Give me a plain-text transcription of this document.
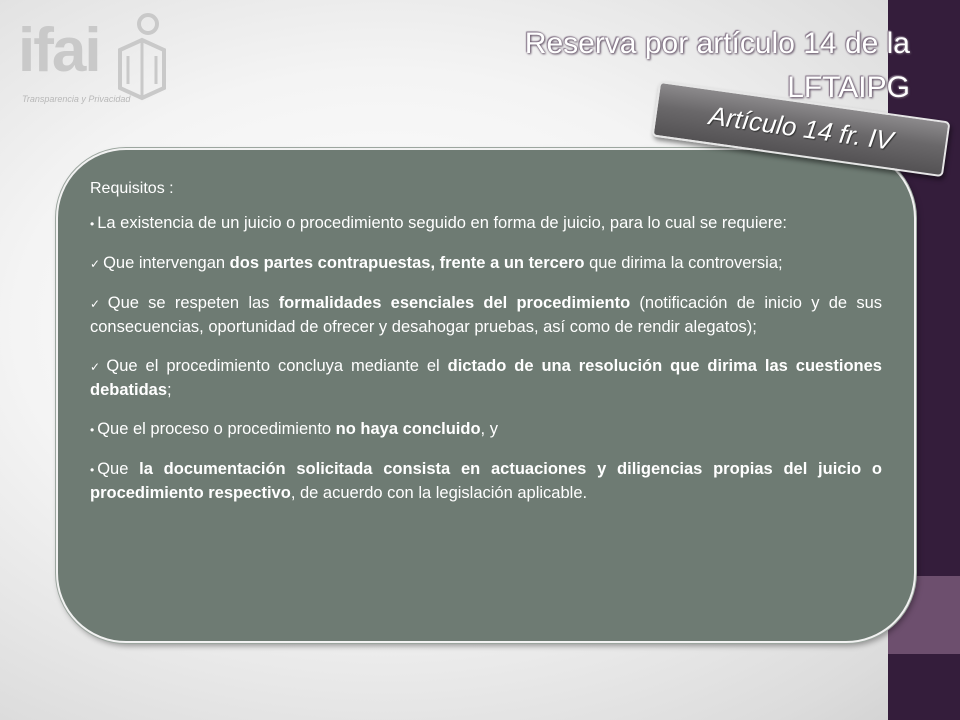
ifai
Transparencia y Privacidad
Reserva por artículo 14 de la
LFTAIPG

Requisitos :

• La existencia de un juicio o procedimiento seguido en forma de juicio, para lo cual se requiere:

✓ Que intervengan dos partes contrapuestas, frente a un tercero que dirima la controversia;

✓ Que se respeten las formalidades esenciales del procedimiento (notificación de inicio y de sus consecuencias, oportunidad de ofrecer y desahogar pruebas, así como de rendir alegatos);

✓ Que el procedimiento concluya mediante el dictado de una resolución que dirima las cuestiones debatidas;

• Que el proceso o procedimiento no haya concluido, y

• Que la documentación solicitada consista en actuaciones y diligencias propias del juicio o procedimiento respectivo, de acuerdo con la legislación aplicable.

Artículo 14 fr. IV
